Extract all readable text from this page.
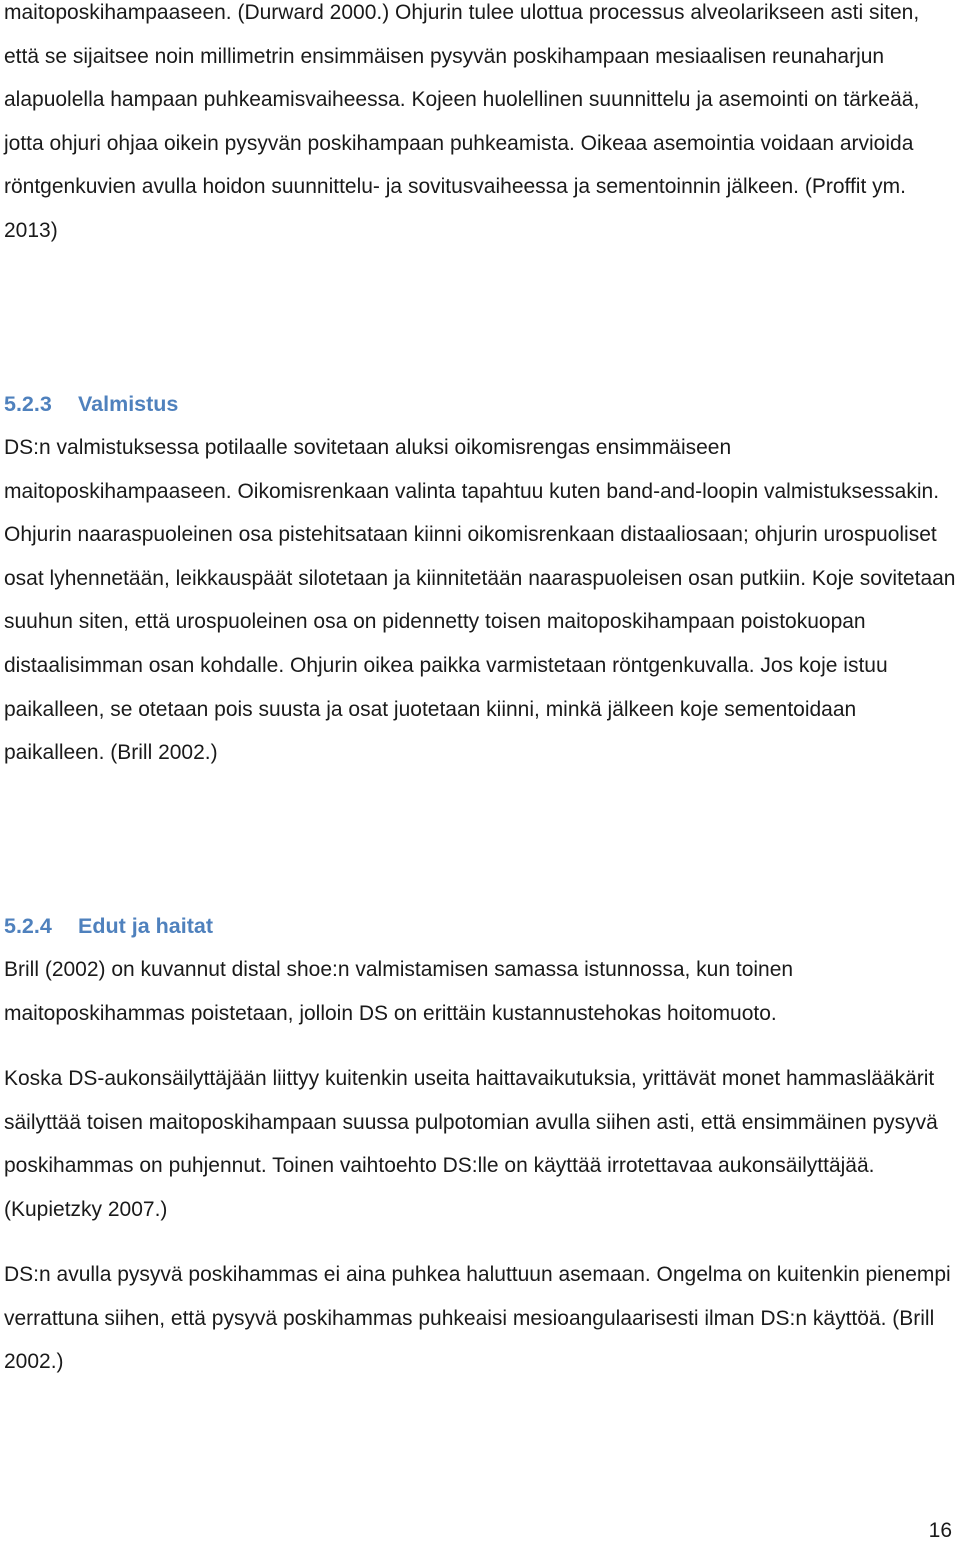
maitoposkihampaaseen. (Durward 2000.) Ohjurin tulee ulottua processus alveolarikseen asti siten, että se sijaitsee noin millimetrin ensimmäisen pysyvän poskihampaan mesiaalisen reunaharjun alapuolella hampaan puhkeamisvaiheessa. Kojeen huolellinen suunnittelu ja asemointi on tärkeää, jotta ohjuri ohjaa oikein pysyvän poskihampaan puhkeamista. Oikeaa asemointia voidaan arvioida röntgenkuvien avulla hoidon suunnittelu- ja sovitusvaiheessa ja sementoinnin jälkeen. (Proffit ym. 2013)

5.2.3 Valmistus

DS:n valmistuksessa potilaalle sovitetaan aluksi oikomisrengas ensimmäiseen maitoposkihampaaseen. Oikomisrenkaan valinta tapahtuu kuten band-and-loopin valmistuksessakin. Ohjurin naaraspuoleinen osa pistehitsataan kiinni oikomisrenkaan distaaliosaan; ohjurin urospuoliset osat lyhennetään, leikkauspäät silotetaan ja kiinnitetään naaraspuoleisen osan putkiin. Koje sovitetaan suuhun siten, että urospuoleinen osa on pidennetty toisen maitoposkihampaan poistokuopan distaalisimman osan kohdalle. Ohjurin oikea paikka varmistetaan röntgenkuvalla. Jos koje istuu paikalleen, se otetaan pois suusta ja osat juotetaan kiinni, minkä jälkeen koje sementoidaan paikalleen. (Brill 2002.)

5.2.4 Edut ja haitat

Brill (2002) on kuvannut distal shoe:n valmistamisen samassa istunnossa, kun toinen maitoposkihammas poistetaan, jolloin DS on erittäin kustannustehokas hoitomuoto.

Koska DS-aukonsäilyttäjään liittyy kuitenkin useita haittavaikutuksia, yrittävät monet hammaslääkärit säilyttää toisen maitoposkihampaan suussa pulpotomian avulla siihen asti, että ensimmäinen pysyvä poskihammas on puhjennut. Toinen vaihtoehto DS:lle on käyttää irrotettavaa aukonsäilyttäjää. (Kupietzky 2007.)

DS:n avulla pysyvä poskihammas ei aina puhkea haluttuun asemaan. Ongelma on kuitenkin pienempi verrattuna siihen, että pysyvä poskihammas puhkeaisi mesioangulaarisesti ilman DS:n käyttöä. (Brill 2002.)

16
